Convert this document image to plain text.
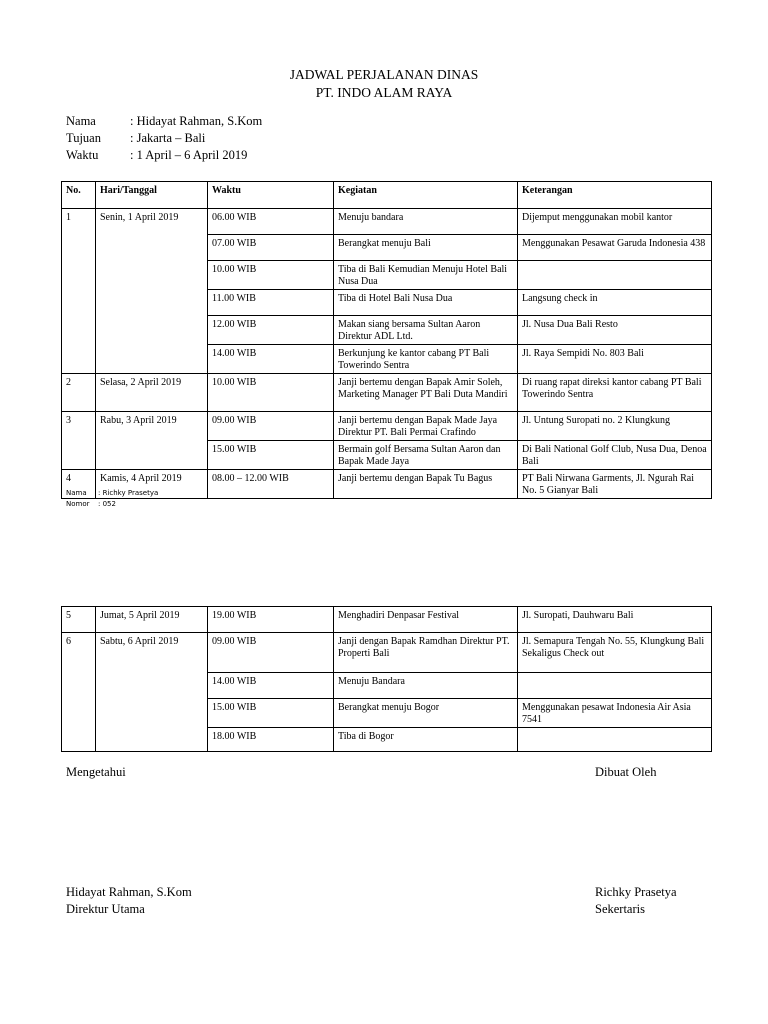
JADWAL PERJALANAN DINAS
PT. INDO ALAM RAYA
Nama	: Hidayat Rahman, S.Kom
Tujuan : Jakarta – Bali
Waktu	: 1 April – 6 April 2019
No.	Hari/Tanggal	Waktu	Kegiatan	Keterangan
1	Senin, 1 April 2019	06.00 WIB	Menuju bandara	Dijemput menggunakan mobil kantor
		07.00 WIB	Berangkat menuju Bali	Menggunakan Pesawat Garuda Indonesia 438
		10.00 WIB	Tiba di Bali Kemudian Menuju Hotel Bali Nusa Dua	
		11.00 WIB	Tiba di Hotel Bali Nusa Dua	Langsung check in
		12.00 WIB	Makan siang bersama Sultan Aaron Direktur ADL Ltd.	Jl. Nusa Dua Bali Resto
		14.00 WIB	Berkunjung ke kantor cabang PT Bali Towerindo Sentra	Jl. Raya Sempidi No. 803 Bali
2	Selasa, 2 April 2019	10.00 WIB	Janji bertemu dengan Bapak Amir Soleh, Marketing Manager PT Bali Duta Mandiri	Di ruang rapat direksi kantor cabang PT Bali Towerindo Sentra
3	Rabu, 3 April 2019	09.00 WIB	Janji bertemu dengan Bapak Made Jaya Direktur PT. Bali Permai Crafindo	Jl. Untung Suropati no. 2 Klungkung
		15.00 WIB	Bermain golf Bersama Sultan Aaron dan Bapak Made Jaya	Di Bali National Golf Club, Nusa Dua, Denoa Bali
4	Kamis, 4 April 2019	08.00 – 12.00 WIB	Janji bertemu dengan Bapak Tu Bagus	PT Bali Nirwana Garments, Jl. Ngurah Rai No. 5 Gianyar Bali
Nama : Richky Prasetya
Nomor : 052
5	Jumat, 5 April 2019	19.00 WIB	Menghadiri Denpasar Festival	Jl. Suropati, Dauhwaru Bali
6	Sabtu, 6 April 2019	09.00 WIB	Janji dengan Bapak Ramdhan Direktur PT. Properti Bali	Jl. Semapura Tengah No. 55, Klungkung Bali Sekaligus Check out
		14.00 WIB	Menuju Bandara	
		15.00 WIB	Berangkat menuju Bogor	Menggunakan pesawat Indonesia Air Asia 7541
		18.00 WIB	Tiba di Bogor	
Mengetahui	Dibuat Oleh
Hidayat Rahman, S.Kom
Direktur Utama
Richky Prasetya
Sekertaris
